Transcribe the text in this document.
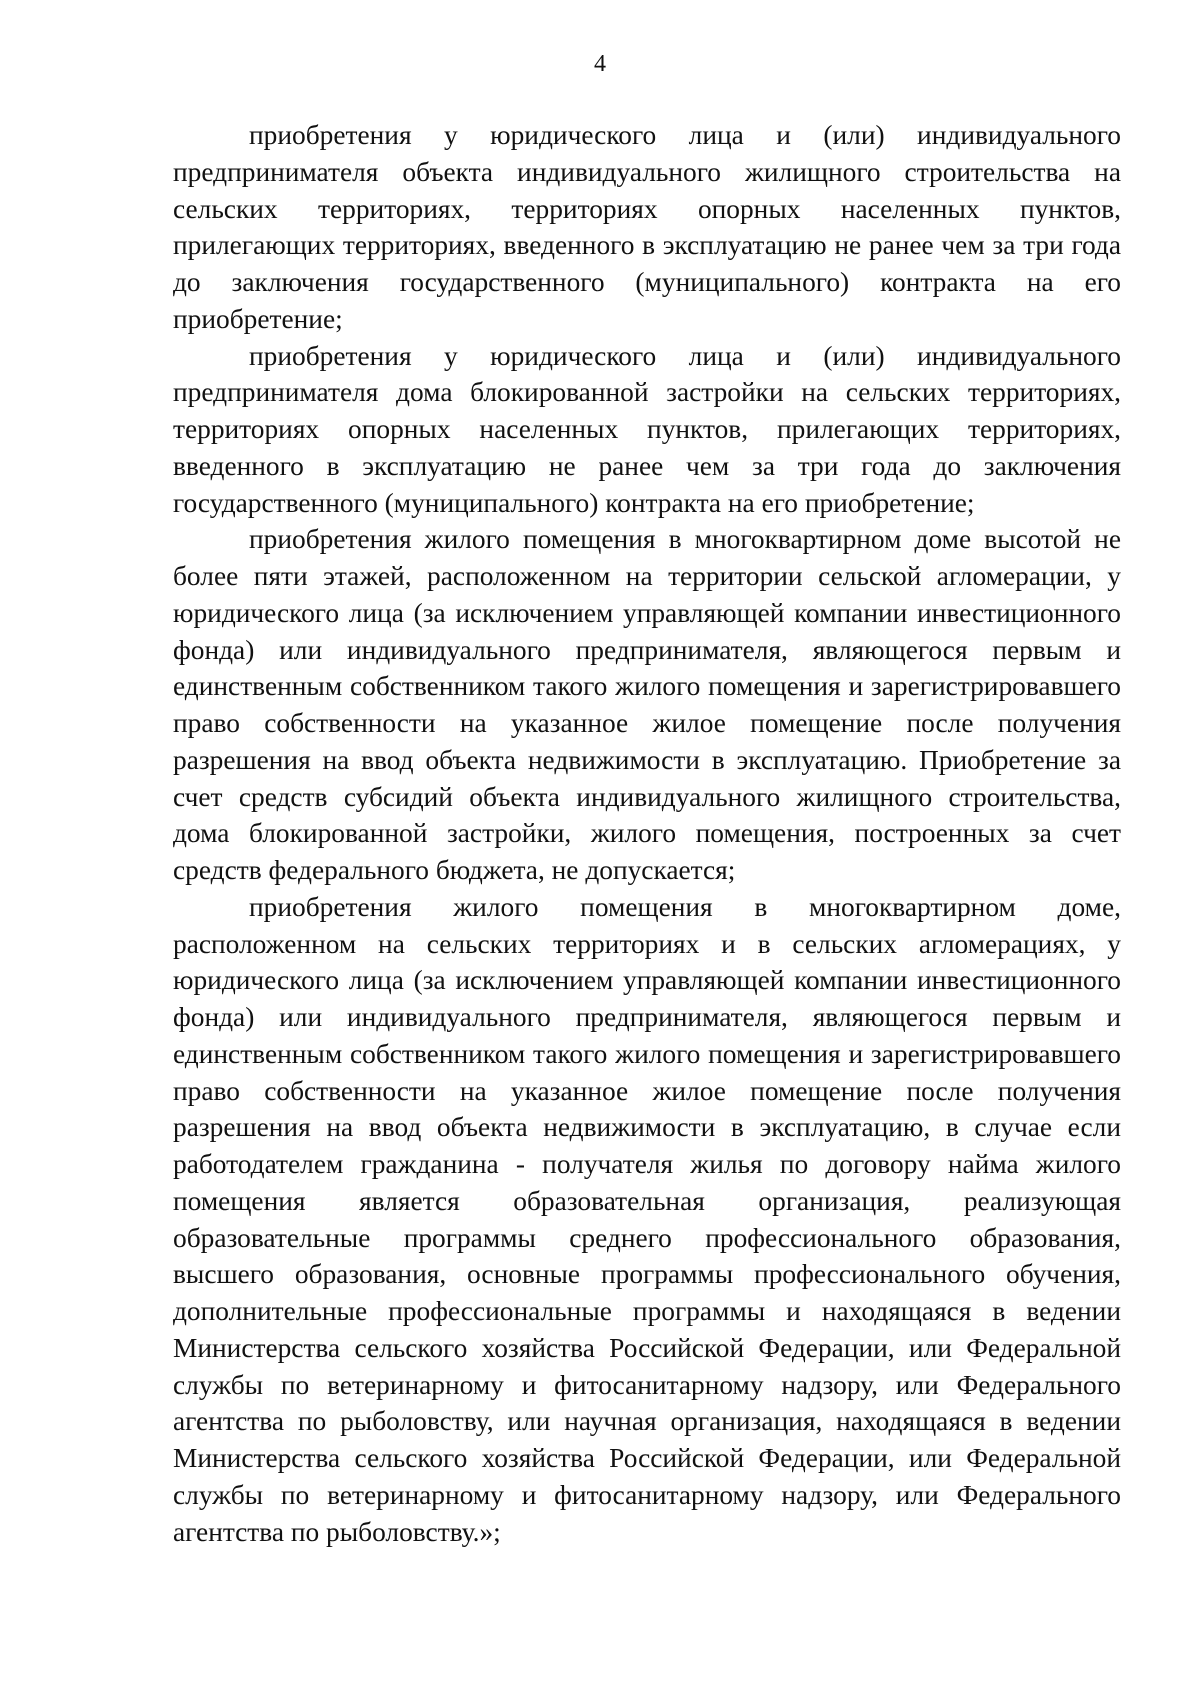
4

приобретения у юридического лица и (или) индивидуального предпринимателя объекта индивидуального жилищного строительства на сельских территориях, территориях опорных населенных пунктов, прилегающих территориях, введенного в эксплуатацию не ранее чем за три года до заключения государственного (муниципального) контракта на его приобретение;

приобретения у юридического лица и (или) индивидуального предпринимателя дома блокированной застройки на сельских территориях, территориях опорных населенных пунктов, прилегающих территориях, введенного в эксплуатацию не ранее чем за три года до заключения государственного (муниципального) контракта на его приобретение;

приобретения жилого помещения в многоквартирном доме высотой не более пяти этажей, расположенном на территории сельской агломерации, у юридического лица (за исключением управляющей компании инвестиционного фонда) или индивидуального предпринимателя, являющегося первым и единственным собственником такого жилого помещения и зарегистрировавшего право собственности на указанное жилое помещение после получения разрешения на ввод объекта недвижимости в эксплуатацию. Приобретение за счет средств субсидий объекта индивидуального жилищного строительства, дома блокированной застройки, жилого помещения, построенных за счет средств федерального бюджета, не допускается;

приобретения жилого помещения в многоквартирном доме, расположенном на сельских территориях и в сельских агломерациях, у юридического лица (за исключением управляющей компании инвестиционного фонда) или индивидуального предпринимателя, являющегося первым и единственным собственником такого жилого помещения и зарегистрировавшего право собственности на указанное жилое помещение после получения разрешения на ввод объекта недвижимости в эксплуатацию, в случае если работодателем гражданина - получателя жилья по договору найма жилого помещения является образовательная организация, реализующая образовательные программы среднего профессионального образования, высшего образования, основные программы профессионального обучения, дополнительные профессиональные программы и находящаяся в ведении Министерства сельского хозяйства Российской Федерации, или Федеральной службы по ветеринарному и фитосанитарному надзору, или Федерального агентства по рыболовству, или научная организация, находящаяся в ведении Министерства сельского хозяйства Российской Федерации, или Федеральной службы по ветеринарному и фитосанитарному надзору, или Федерального агентства по рыболовству.»;
